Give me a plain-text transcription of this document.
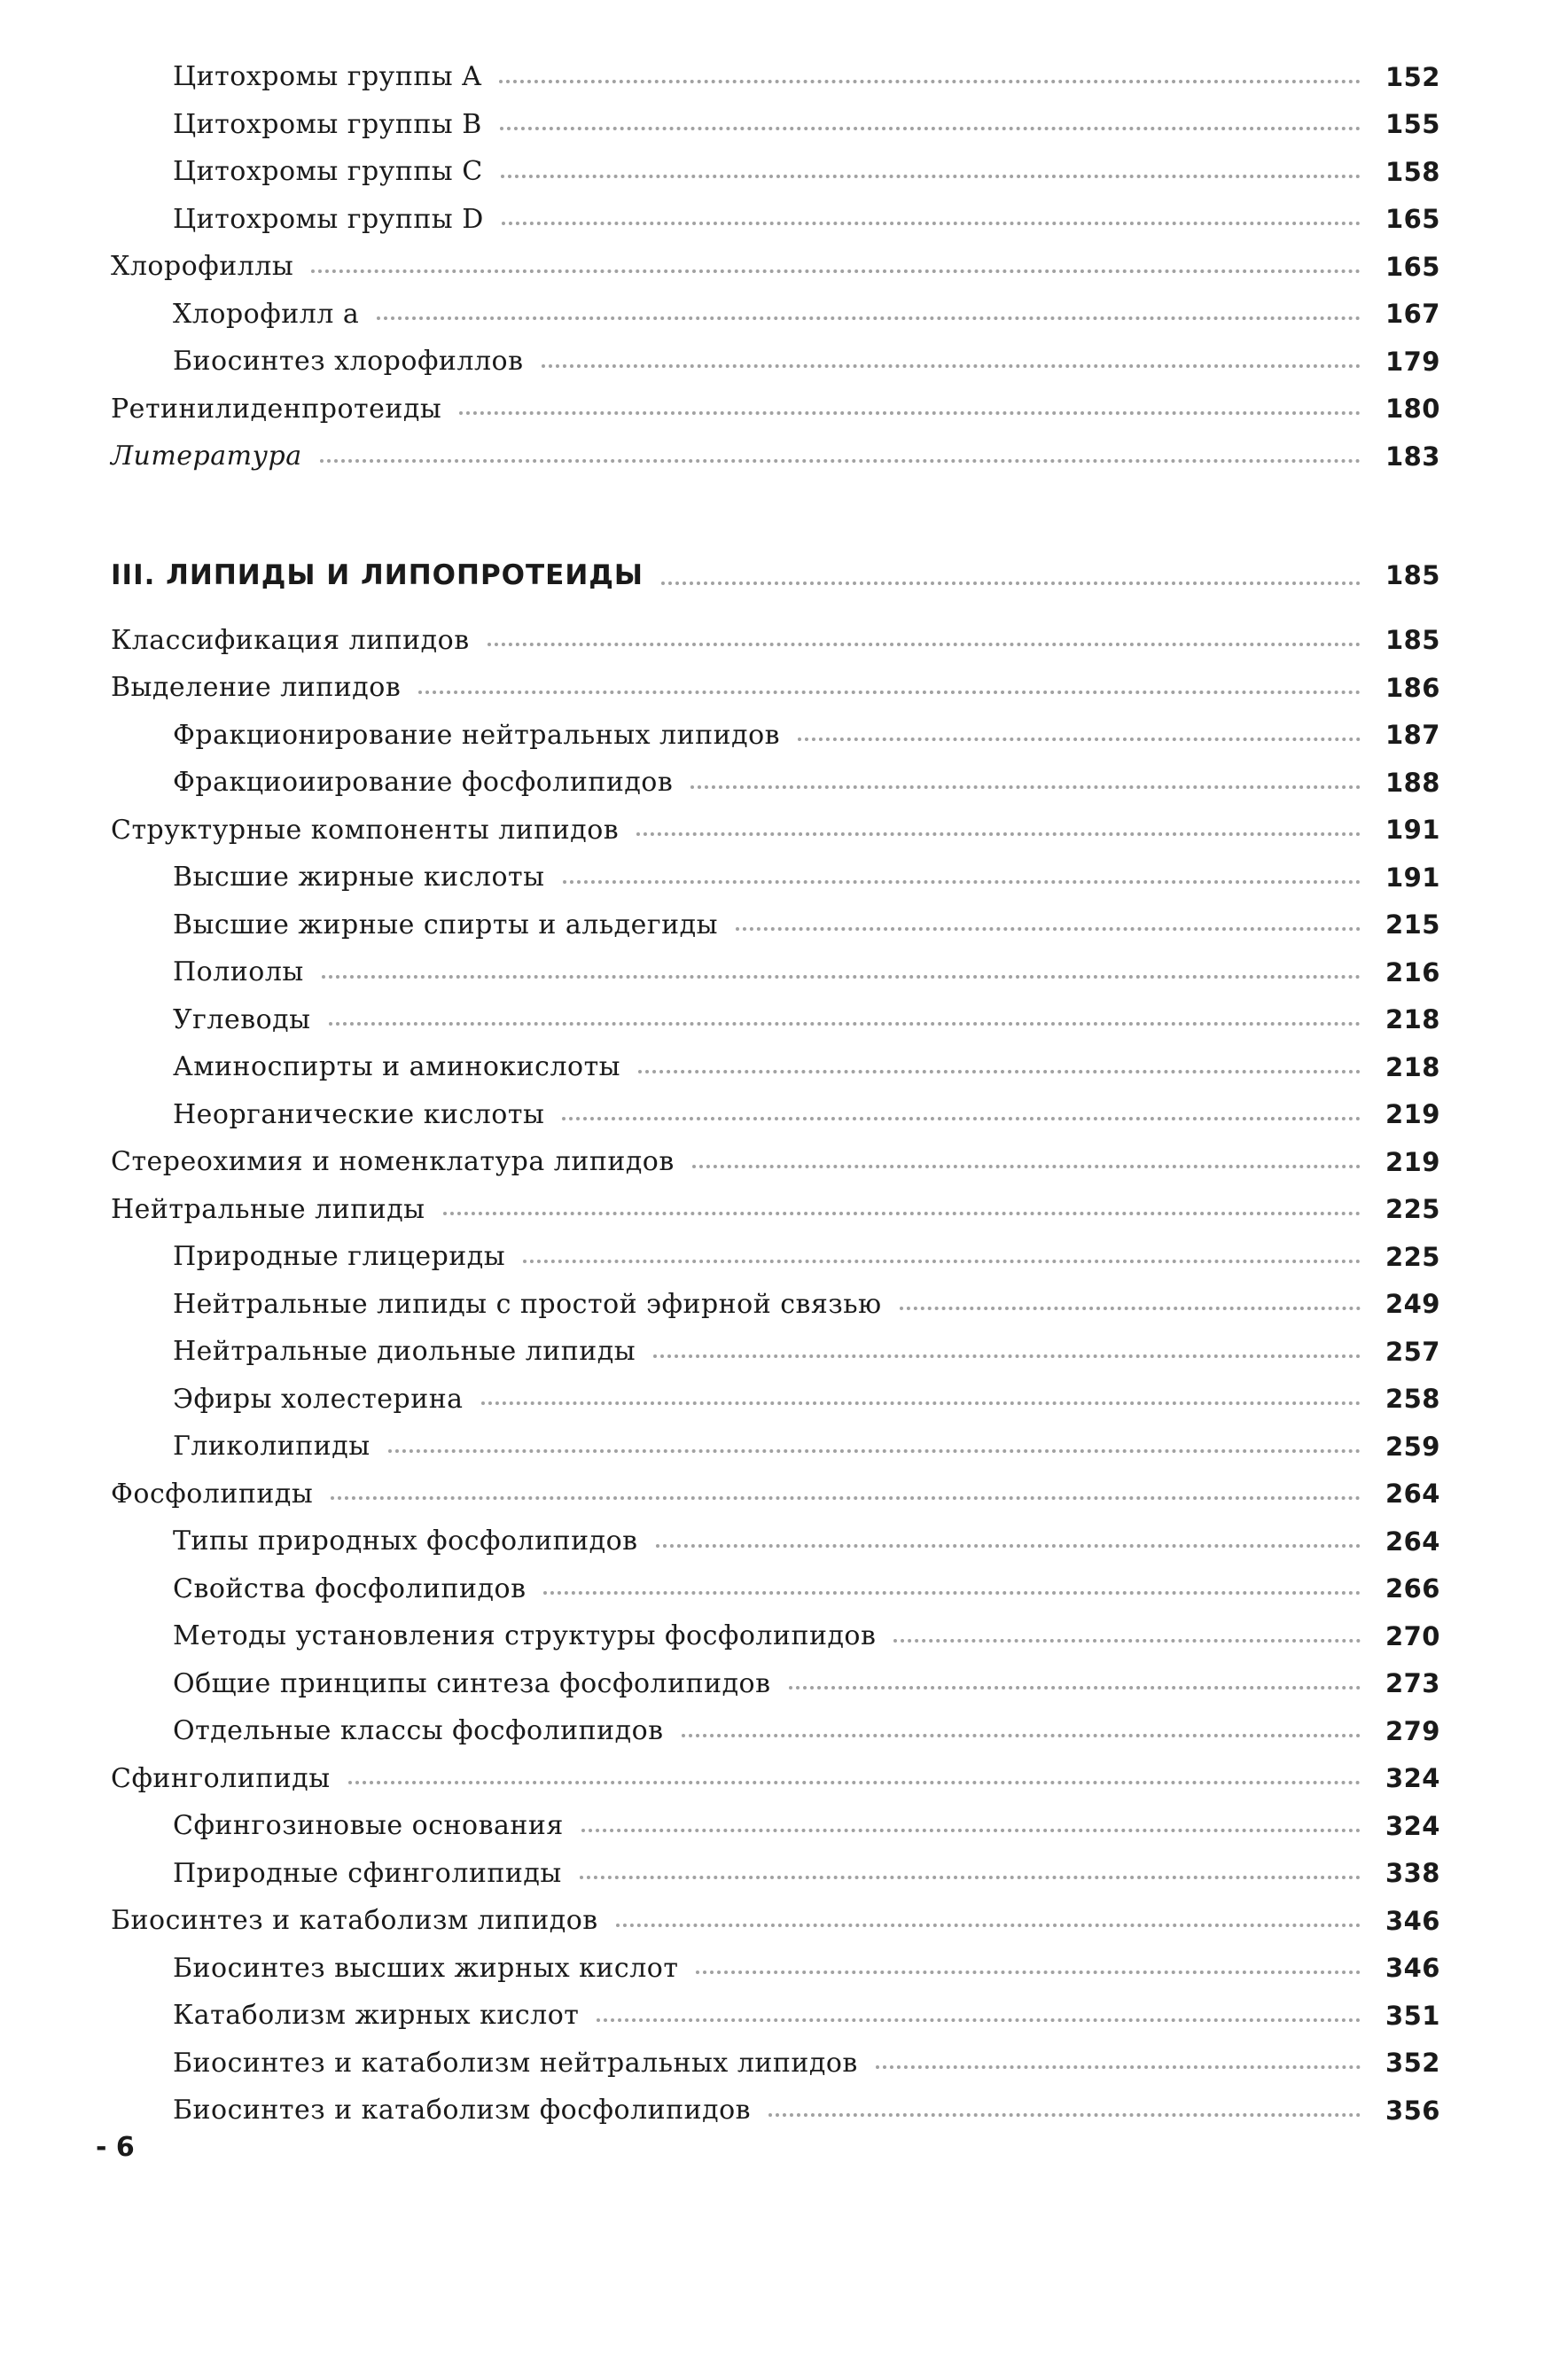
Цитохромы группы A	152
Цитохромы группы B	155
Цитохромы группы C	158
Цитохромы группы D	165
Хлорофиллы	165
Хлорофилл a	167
Биосинтез хлорофиллов	179
Ретинилиденпротеиды	180
Литература	183
III. ЛИПИДЫ И ЛИПОПРОТЕИДЫ	185
Классификация липидов	185
Выделение липидов	186
Фракционирование нейтральных липидов	187
Фракциоиирование фосфолипидов	188
Структурные компоненты липидов	191
Высшие жирные кислоты	191
Высшие жирные спирты и альдегиды	215
Полиолы	216
Углеводы	218
Аминоспирты и аминокислоты	218
Неорганические кислоты	219
Стереохимия и номенклатура липидов	219
Нейтральные липиды	225
Природные глицериды	225
Нейтральные липиды с простой эфирной связью	249
Нейтральные диольные липиды	257
Эфиры холестерина	258
Гликолипиды	259
Фосфолипиды	264
Типы природных фосфолипидов	264
Свойства фосфолипидов	266
Методы установления структуры фосфолипидов	270
Общие принципы синтеза фосфолипидов	273
Отдельные классы фосфолипидов	279
Сфинголипиды	324
Сфингозиновые основания	324
Природные сфинголипиды	338
Биосинтез и катаболизм липидов	346
Биосинтез высших жирных кислот	346
Катаболизм жирных кислот	351
Биосинтез и катаболизм нейтральных липидов	352
Биосинтез и катаболизм фосфолипидов	356
- 6
